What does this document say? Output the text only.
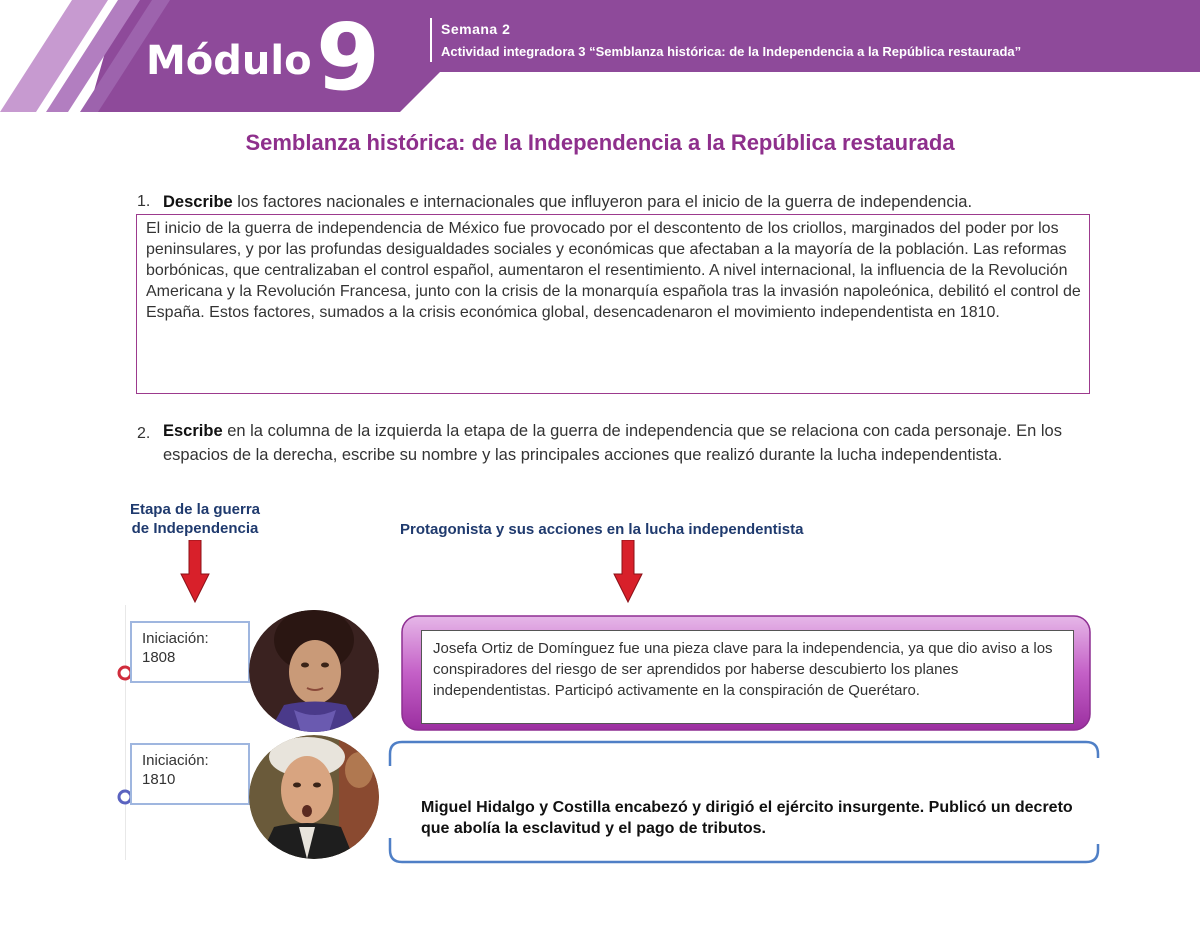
Módulo 9	Semana 2
Actividad integradora 3 “Semblanza histórica: de la Independencia a la República restaurada”
Semblanza histórica: de la Independencia a la República restaurada
1. Describe los factores nacionales e internacionales que influyeron para el inicio de la guerra de independencia.
El inicio de la guerra de independencia de México fue provocado por el descontento de los criollos, marginados del poder por los peninsulares, y por las profundas desigualdades sociales y económicas que afectaban a la mayoría de la población. Las reformas borbónicas, que centralizaban el control español, aumentaron el resentimiento. A nivel internacional, la influencia de la Revolución Americana y la Revolución Francesa, junto con la crisis de la monarquía española tras la invasión napoleónica, debilitó el control de España. Estos factores, sumados a la crisis económica global, desencadenaron el movimiento independentista en 1810.
2. Escribe en la columna de la izquierda la etapa de la guerra de independencia que se relaciona con cada personaje. En los espacios de la derecha, escribe su nombre y las principales acciones que realizó durante la lucha independentista.
Etapa de la guerra
de Independencia	Protagonista y sus acciones en la lucha independentista
Iniciación:
1808
Josefa Ortiz de Domínguez fue una pieza clave para la independencia, ya que dio aviso a los conspiradores del riesgo de ser aprendidos por haberse descubierto los planes independentistas. Participó activamente en la conspiración de Querétaro.
Iniciación:
1810
Miguel Hidalgo y Costilla encabezó y dirigió el ejército insurgente. Publicó un decreto que abolía la esclavitud y el pago de tributos.
